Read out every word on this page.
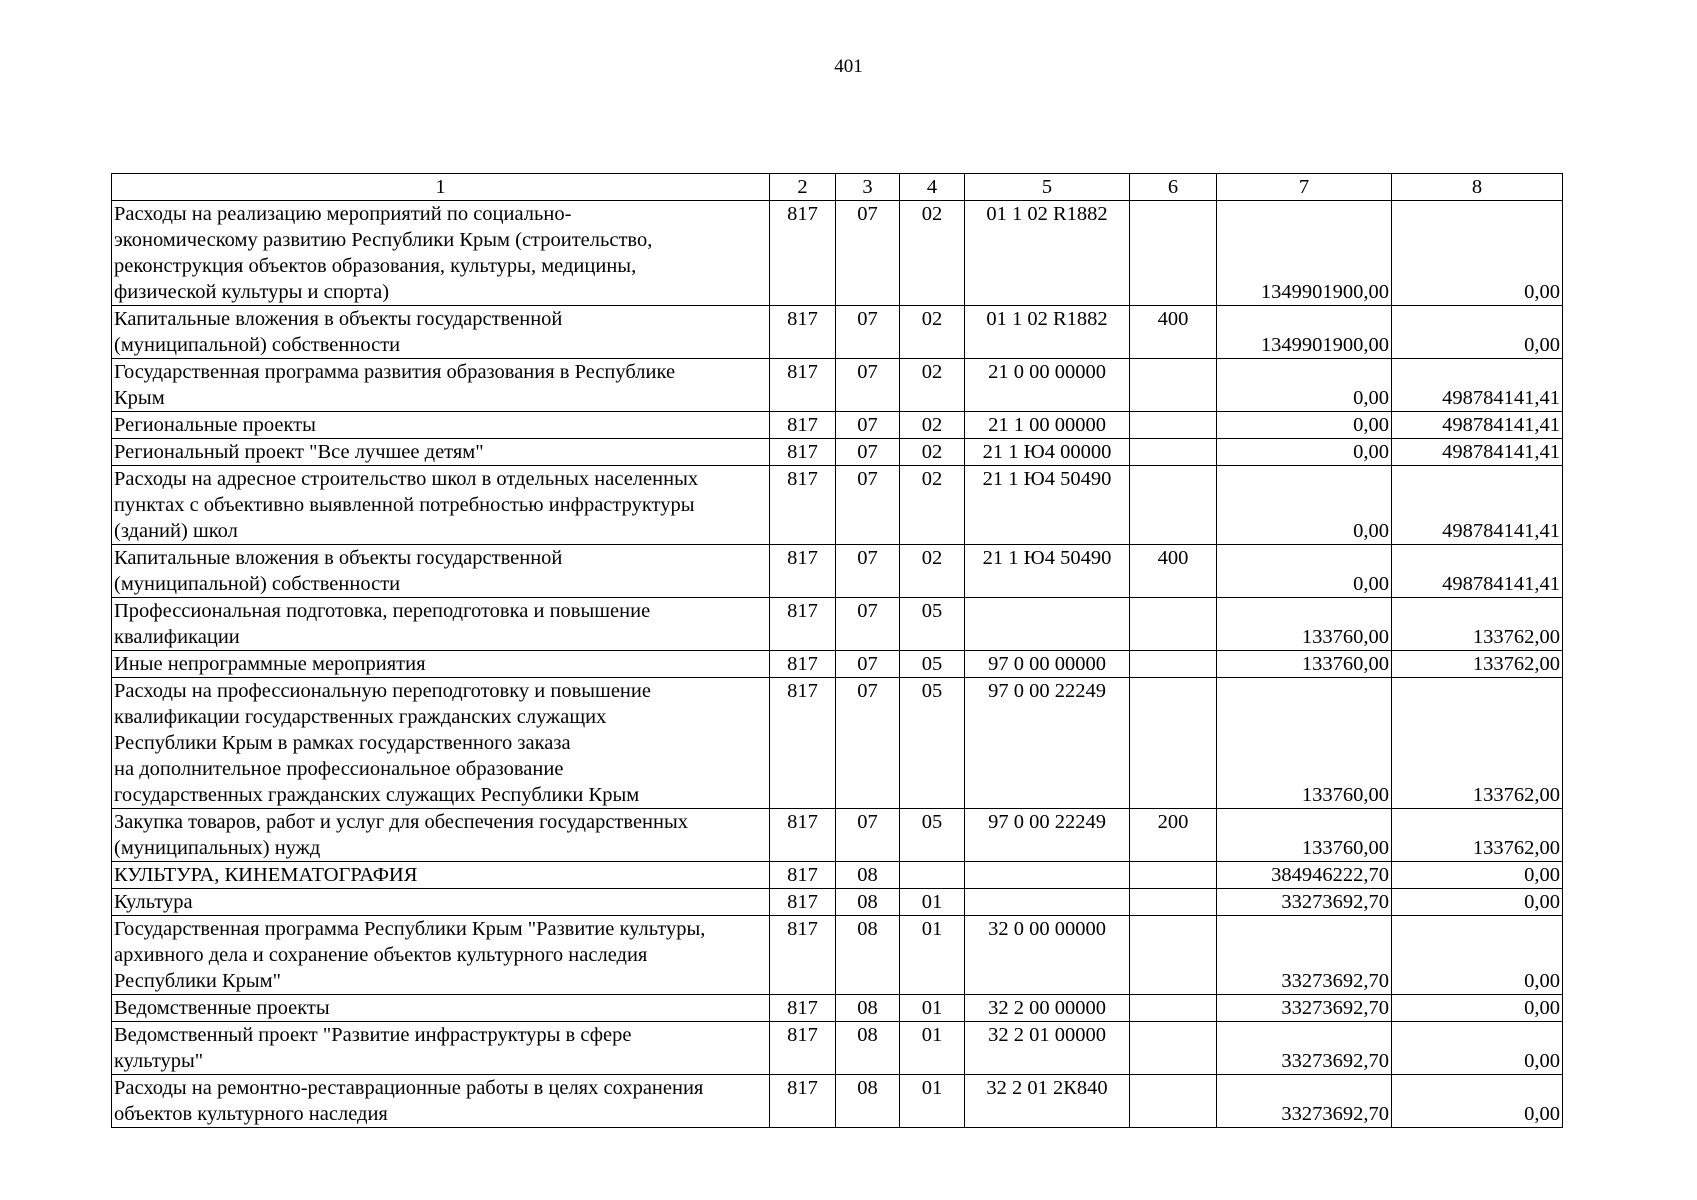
401
1	2	3	4	5	6	7	8
Расходы на реализацию мероприятий по социально-
экономическому развитию Республики Крым (строительство,
реконструкция объектов образования, культуры, медицины,
физической культуры и спорта)	817	07	02	01 1 02 R1882		1349901900,00	0,00
Капитальные вложения в объекты государственной
(муниципальной) собственности	817	07	02	01 1 02 R1882	400	1349901900,00	0,00
Государственная программа развития образования в Республике
Крым	817	07	02	21 0 00 00000		0,00	498784141,41
Региональные проекты	817	07	02	21 1 00 00000		0,00	498784141,41
Региональный проект "Все лучшее детям"	817	07	02	21 1 Ю4 00000		0,00	498784141,41
Расходы на адресное строительство школ в отдельных населенных
пунктах с объективно выявленной потребностью инфраструктуры
(зданий) школ	817	07	02	21 1 Ю4 50490		0,00	498784141,41
Капитальные вложения в объекты государственной
(муниципальной) собственности	817	07	02	21 1 Ю4 50490	400	0,00	498784141,41
Профессиональная подготовка, переподготовка и повышение
квалификации	817	07	05			133760,00	133762,00
Иные непрограммные мероприятия	817	07	05	97 0 00 00000		133760,00	133762,00
Расходы на профессиональную переподготовку и повышение
квалификации государственных гражданских служащих
Республики Крым в рамках государственного заказа
на дополнительное профессиональное образование
государственных гражданских служащих Республики Крым	817	07	05	97 0 00 22249		133760,00	133762,00
Закупка товаров, работ и услуг для обеспечения государственных
(муниципальных) нужд	817	07	05	97 0 00 22249	200	133760,00	133762,00
КУЛЬТУРА, КИНЕМАТОГРАФИЯ	817	08				384946222,70	0,00
Культура	817	08	01			33273692,70	0,00
Государственная программа Республики Крым "Развитие культуры,
архивного дела и сохранение объектов культурного наследия
Республики Крым"	817	08	01	32 0 00 00000		33273692,70	0,00
Ведомственные проекты	817	08	01	32 2 00 00000		33273692,70	0,00
Ведомственный проект "Развитие инфраструктуры в сфере
культуры"	817	08	01	32 2 01 00000		33273692,70	0,00
Расходы на ремонтно-реставрационные работы в целях сохранения
объектов культурного наследия	817	08	01	32 2 01 2К840		33273692,70	0,00
